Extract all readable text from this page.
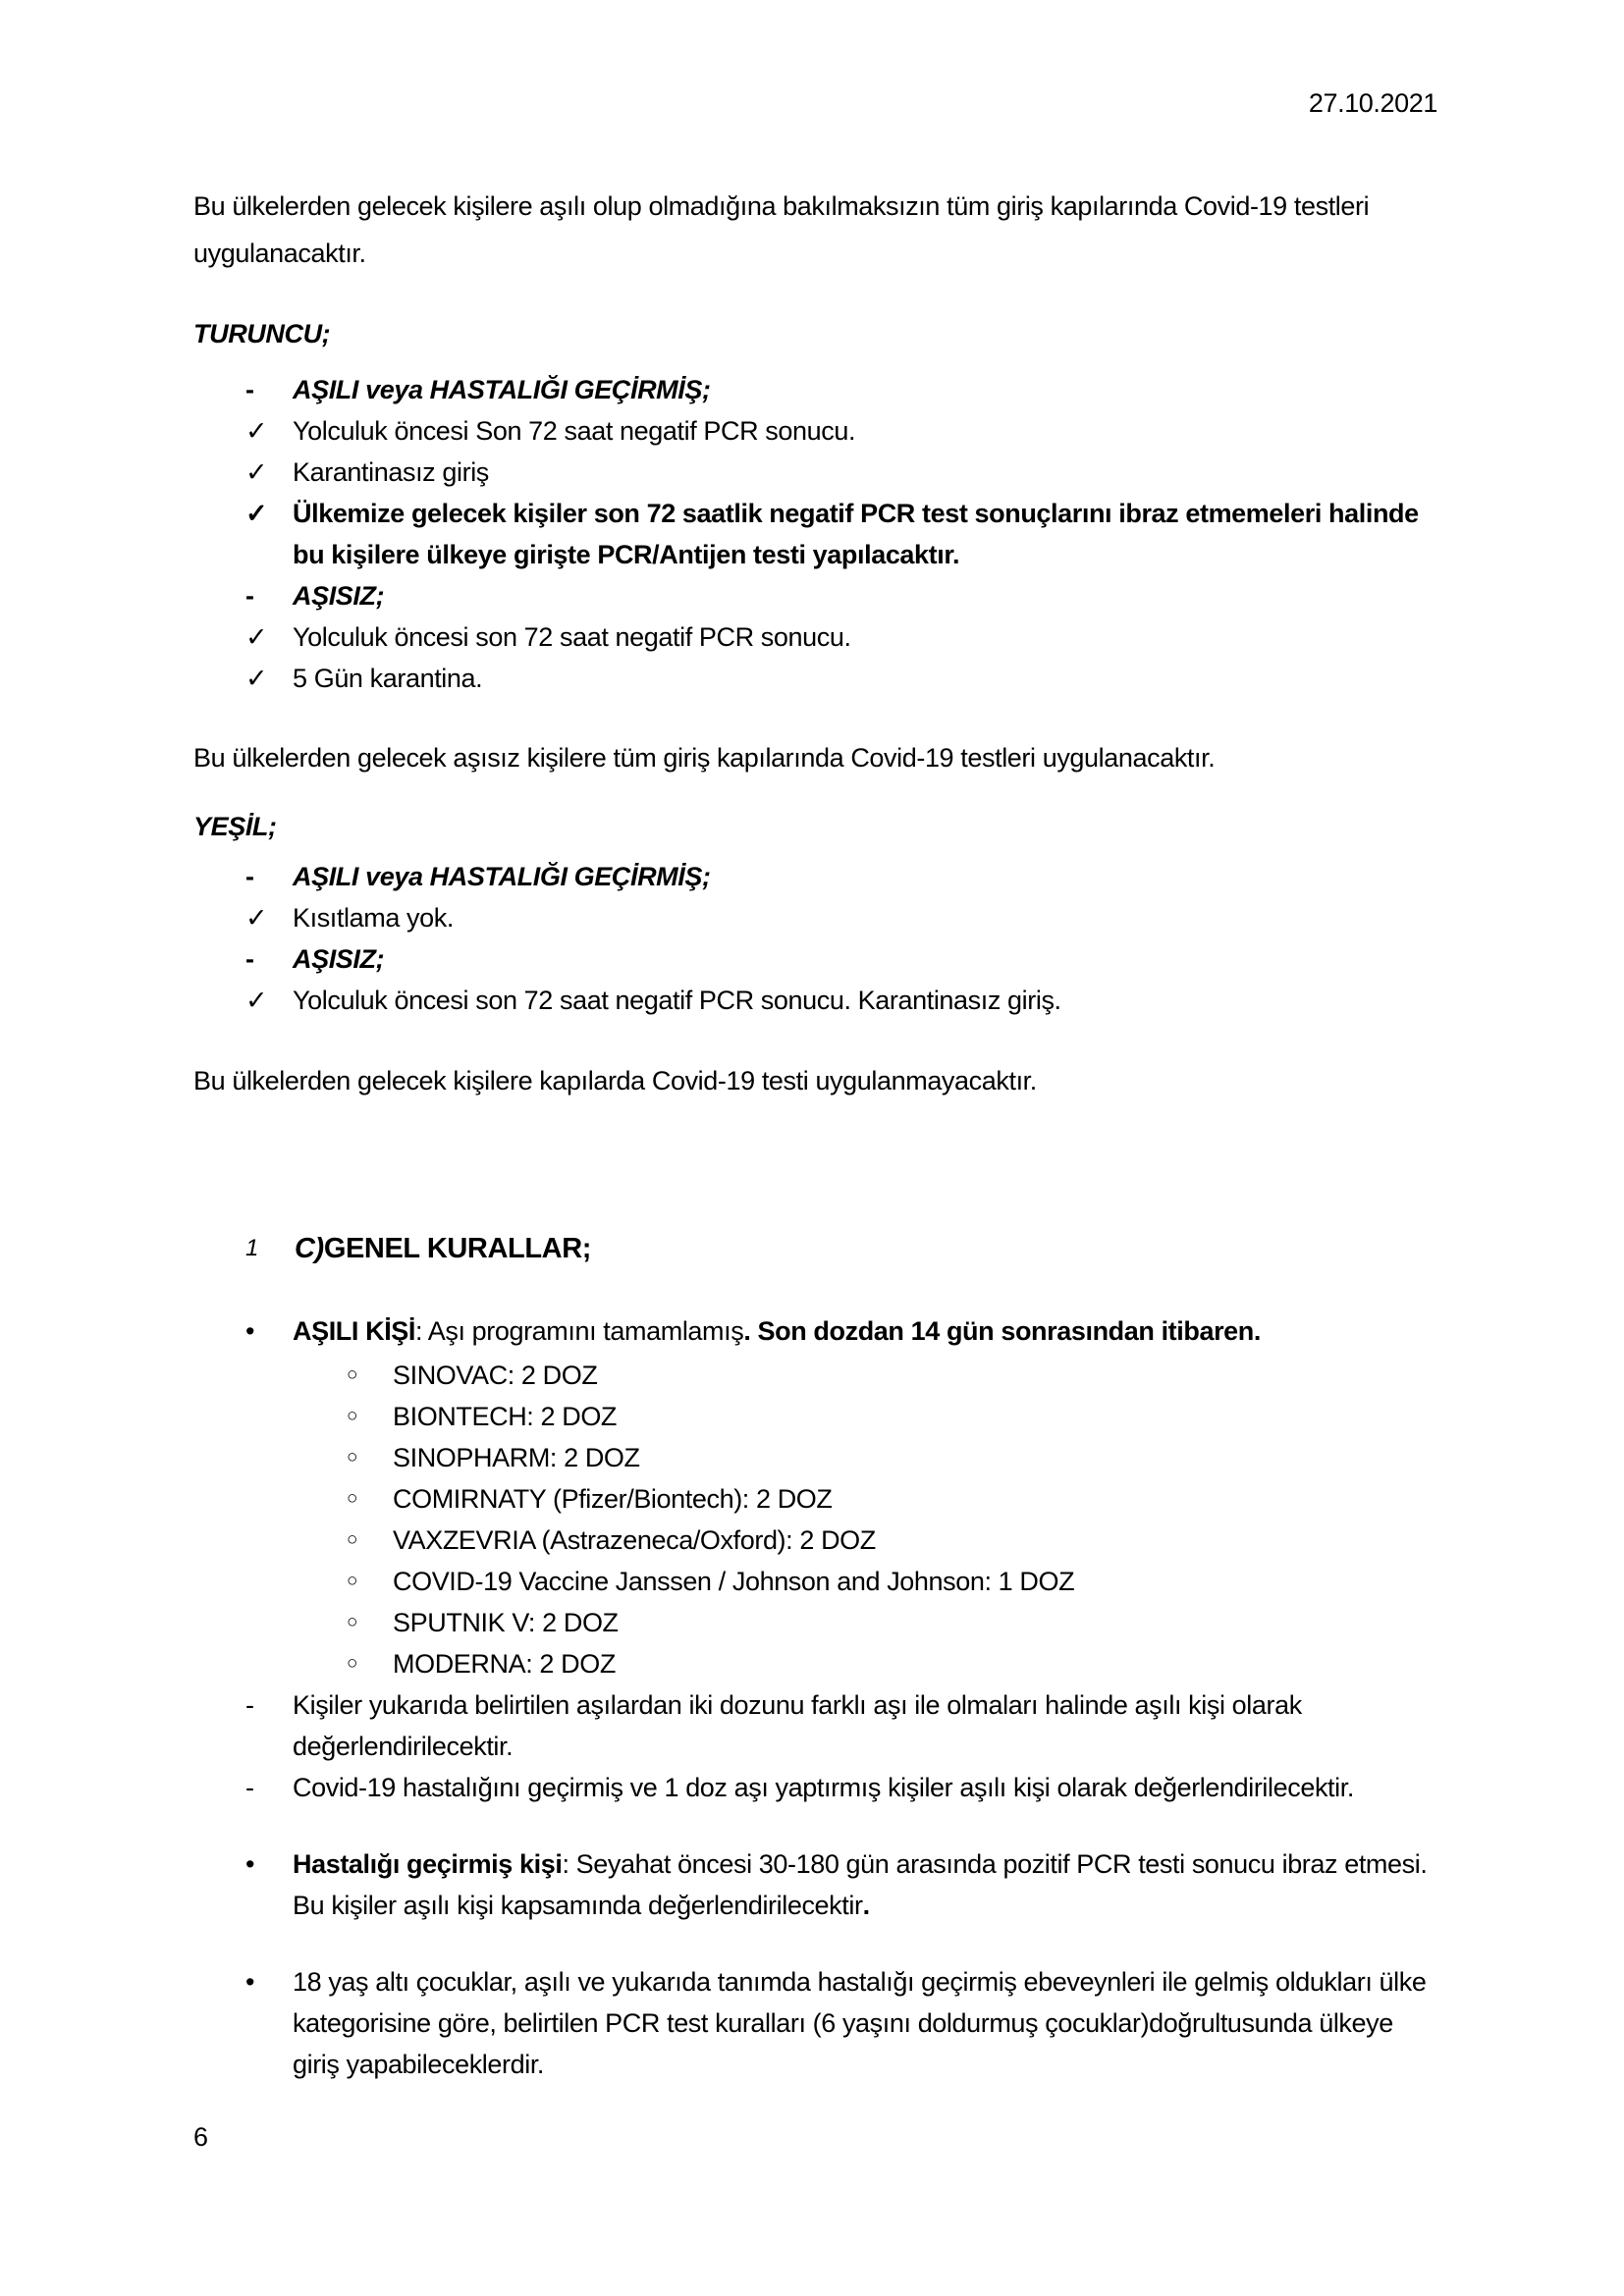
27.10.2021
Bu ülkelerden gelecek kişilere aşılı olup olmadığına bakılmaksızın tüm giriş kapılarında Covid-19 testleri uygulanacaktır.
TURUNCU;
-	AŞILI veya HASTALIĞI GEÇİRMİŞ;
✓ Yolculuk öncesi Son 72 saat negatif PCR sonucu.
✓ Karantinasız giriş
✓ Ülkemize gelecek kişiler son 72 saatlik negatif PCR test sonuçlarını ibraz etmemeleri halinde bu kişilere ülkeye girişte PCR/Antijen testi yapılacaktır.
-	AŞISIZ;
✓ Yolculuk öncesi son 72 saat negatif PCR sonucu.
✓ 5 Gün karantina.
Bu ülkelerden gelecek aşısız kişilere tüm giriş kapılarında Covid-19 testleri uygulanacaktır.
YEŞİL;
-	AŞILI veya HASTALIĞI GEÇİRMİŞ;
✓ Kısıtlama yok.
-	AŞISIZ;
✓ Yolculuk öncesi son 72 saat negatif PCR sonucu. Karantinasız giriş.
Bu ülkelerden gelecek kişilere kapılarda Covid-19 testi uygulanmayacaktır.
1	C) GENEL KURALLAR;
•	AŞILI KİŞİ: Aşı programını tamamlamış. Son dozdan 14 gün sonrasından itibaren.
○	SINOVAC: 2 DOZ
○	BIONTECH: 2 DOZ
○	SINOPHARM: 2 DOZ
○	COMIRNATY (Pfizer/Biontech): 2 DOZ
○	VAXZEVRIA (Astrazeneca/Oxford): 2 DOZ
○	COVID-19 Vaccine Janssen / Johnson and Johnson: 1 DOZ
○	SPUTNIK V: 2 DOZ
○	MODERNA: 2 DOZ
-	Kişiler yukarıda belirtilen aşılardan iki dozunu farklı aşı ile olmaları halinde aşılı kişi olarak değerlendirilecektir.
-	Covid-19 hastalığını geçirmiş ve 1 doz aşı yaptırmış kişiler aşılı kişi olarak değerlendirilecektir.
•	Hastalığı geçirmiş kişi: Seyahat öncesi 30-180 gün arasında pozitif PCR testi sonucu ibraz etmesi. Bu kişiler aşılı kişi kapsamında değerlendirilecektir.
•	18 yaş altı çocuklar, aşılı ve yukarıda tanımda hastalığı geçirmiş ebeveynleri ile gelmiş oldukları ülke kategorisine göre, belirtilen PCR test kuralları (6 yaşını doldurmuş çocuklar)doğrultusunda ülkeye giriş yapabileceklerdir.
6
